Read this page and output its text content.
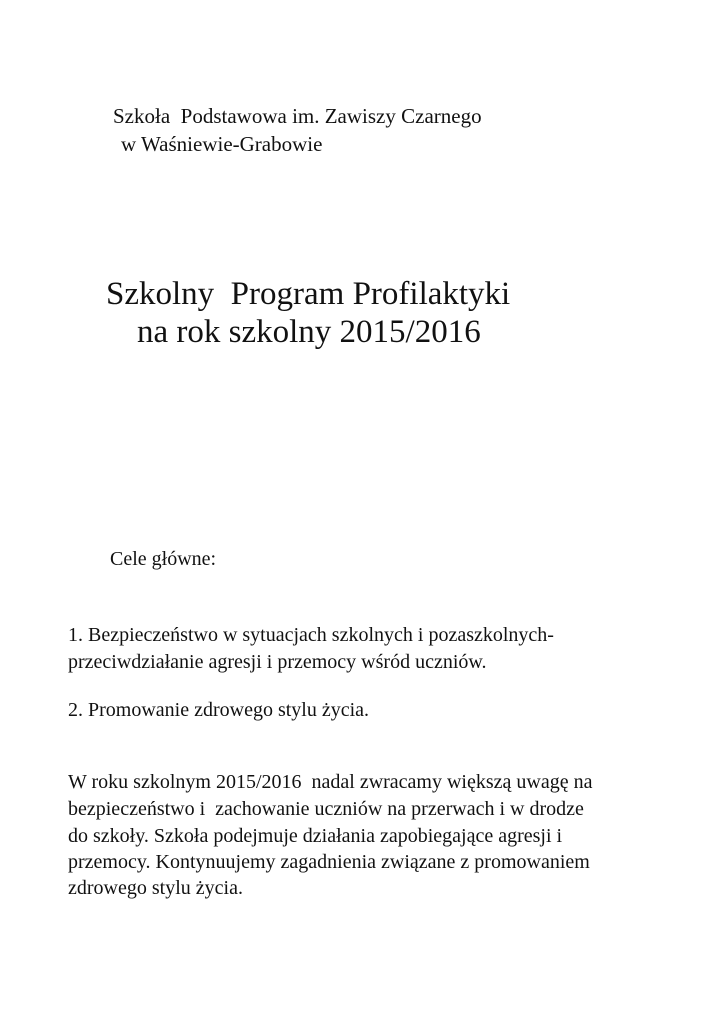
Szkoła  Podstawowa im. Zawiszy Czarnego
w Waśniewie-Grabowie
Szkolny  Program Profilaktyki
na rok szkolny 2015/2016
Cele główne:
1. Bezpieczeństwo w sytuacjach szkolnych i pozaszkolnych-
przeciwdziałanie agresji i przemocy wśród uczniów.
2. Promowanie zdrowego stylu życia.
W roku szkolnym 2015/2016  nadal zwracamy większą uwagę na
bezpieczeństwo i  zachowanie uczniów na przerwach i w drodze
do szkoły. Szkoła podejmuje działania zapobiegające agresji i
przemocy. Kontynuujemy zagadnienia związane z promowaniem
zdrowego stylu życia.
